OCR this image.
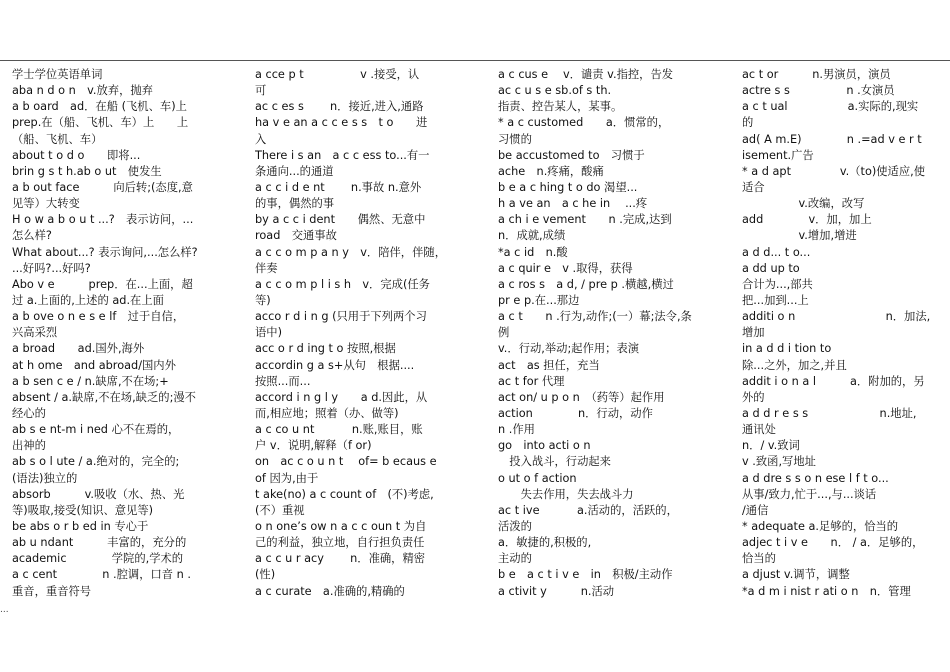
学士学位英语单词
aba n d o n　v.放弃，抛弃
a b oard　ad．在船 (飞机、车)上
prep.在（船、飞机、车）上　　上
（船、飞机、车）
about t o d o　　即将...
brin g s t h.ab o ut　使发生
a b out face　　　向后转;(态度,意
见等）大转变
H o w a b o u t ...?　表示访问，...
怎么样?
What about...? 表示询问,...怎么样?
...好吗?...好吗?
Abo v e　　　prep．在...上面，超
过 a.上面的,上述的 ad.在上面
a b ove o n e s e lf　过于自信，
兴高采烈
a broad　　ad.国外,海外
at h ome　and abroad/国内外
a b sen c e / n.缺席,不在场;+
absent / a.缺席,不在场,缺乏的;漫不
经心的
ab s e nt-m i ned 心不在焉的，
出神的
ab s o l ute / a.绝对的，完全的;
(语法)独立的
absorb　　　v.吸收（水、热、光
等)吸取,接受(知识、意见等)
be abs o r b ed in 专心于
ab u ndant　　　丰富的，充分的
academic　　　　学院的,学术的
a c cent　　　　n .腔调，口音 n .
重音，重音符号
a cce p t　　　　　v .接受，认
可
ac c es s　　 n．接近,进入,通路
ha v e an a c c e s s　t o　　进
入
There i s an　a c c ess to...有一
条通向...的通道
a c c i d e nt　　 n.事故 n.意外
的事，偶然的事
by a c c i dent　　偶然、无意中
road　交通事故
a c c o m p a n y　v．陪伴，伴随，
伴奏
a c c o m p l i s h　v．完成(任务
等)
acco r d i n g (只用于下列两个习
语中)
acc o r d ing t o 按照,根据
accordin g a s+从句　根据....
按照...而...
accord i n g l y　　a d.因此，从
而,相应地；照着（办、做等)
a c co u nt　　　 n.账,账目，账
户 v．说明,解释（f or)
on　ac c o u n t　 of= b ecaus e
of 因为,由于
t ake(no) a c count of　(不)考虑,
(不）重视
o n one’s ow n a c c oun t 为自
己的利益，独立地，自行担负责任
a c c u r acy　　 n．准确，精密
(性)
a c curate　a.准确的,精确的
a c cus e　 v．谴责 v.指控，告发
ac c u s e sb.of s th.
指责、控告某人，某事。
* a c customed　　a．惯常的，
习惯的
be accustomed to　习惯于
ache　n.疼痛，酸痛
b e a c hing t o do 渴望...
h a ve an　a c he in　 ...疼
a ch i e vement　　n .完成,达到
n．成就,成绩
*a c id　n.酸
a c quir e　v .取得，获得
a c ros s　a d, / pre p .横越,横过
pr e p.在...那边
a c t　　n .行为,动作;(一）幕;法令,条
例
v.．行动,举动;起作用；表演
act　as 担任，充当
ac t for 代理
act on/ u p o n　（药等）起作用
action　　　　n．行动，动作
n .作用
go　into acti o n
　投入战斗，行动起来
o ut o f action
　　失去作用，失去战斗力
ac t ive　　　 a.活动的，活跃的，
活泼的
a．敏捷的,积极的,
主动的
b e　a c t i v e　in　积极/主动作
a ctivit y　　　n.活动
ac t or　　　n.男演员，演员
actre s s　　　　　n .女演员
a c t ual　　　　　 a.实际的,现实
的
ad( A m.E)　　　　n .=ad v e r t
isement.广告
* a d apt　　　　 v.（to)使适应,使
适合
　　　　　v.改编，改写
add　　　　v．加，加上
　　　　　v.增加,增进
a d d... t o...
a dd up to
合计为...,部共
把...加到...上
additi o n　　　　　　　　n．加法,
增加
in a d d i tion to
除...之外，加之,并且
addit i o n a l　　　a．附加的，另
外的
a d d r e s s　　　　　　 n.地址,
通讯处
n．/ v.致词
v .致函,写地址
a d dre s s o n ese l f t o...
从事/致力,忙于...,与...谈话
/通信
* adequate a.足够的，恰当的
adjec t i v e　　n． / a．足够的，
恰当的
a djust v.调节，调整
*a d m i nist r ati o n　n．管理
...
